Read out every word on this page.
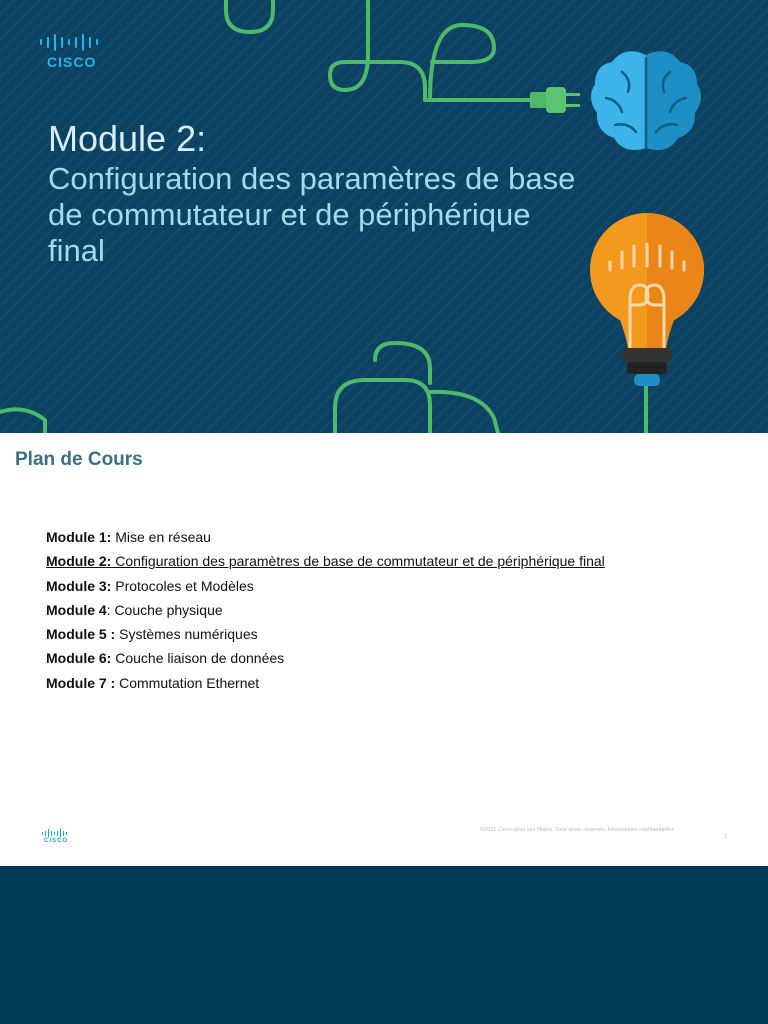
CISCO
Module 2:
Configuration des paramètres de base de commutateur et de périphérique final
Plan de Cours
Module 1: Mise en réseau
Module 2: Configuration des paramètres de base de commutateur et de périphérique final
Module 3: Protocoles et Modèles
Module 4: Couche physique
Module 5 : Systèmes numériques
Module 6: Couche liaison de données
Module 7 : Commutation Ethernet
CISCO
©2021 Cisco et/ou ses filiales. Tous droits réservés. Informations confidentielles
2
